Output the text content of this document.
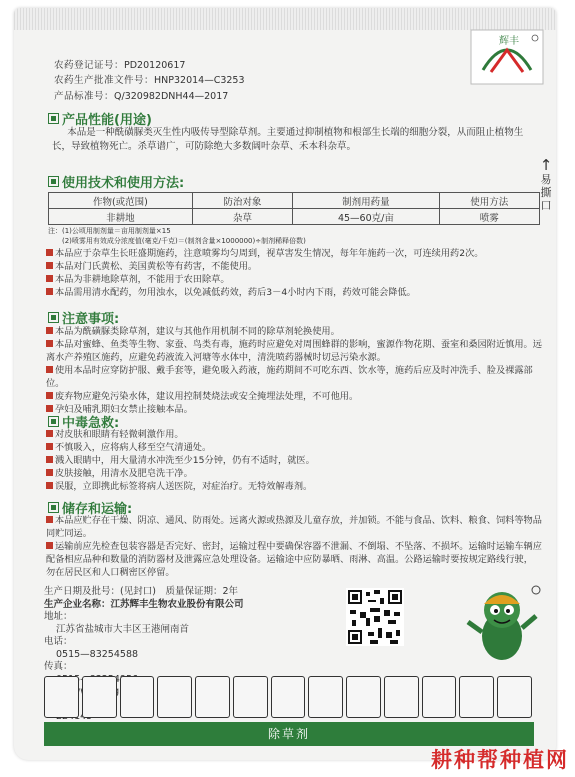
农药登记证号：PD20120617
农药生产批准文件号：HNP32014—C3253
产品标准号：Q/320982DNH44—2017
辉丰
产品性能(用途)
本品是一种酰磺脲类灭生性内吸传导型除草剂。主要通过抑制植物和根部生长端的细胞分裂，从而阻止植物生长，导致植物死亡。杀草谱广，可防除绝大多数阔叶杂草、禾本科杂草。
使用技术和使用方法:
作物(或范围)	防治对象	制剂用药量	使用方法
非耕地	杂草	45—60克/亩	喷雾
注：(1)公顷用制剂量＝亩用制剂量×15
(2)喷雾用有效成分浓度值(毫克/千克)＝(制剂含量×1000000)÷制剂稀释倍数)
本品应于杂草生长旺盛期施药，注意喷雾均匀周到，视草害发生情况，每年年施药一次，可连续用药2次。
本品对门氏黄松、美国黄松等有药害，不能使用。
本品为非耕地除草剂，不能用于农田除草。
本品需用清水配药，勿用浊水，以免减低药效，药后3－4小时内下雨，药效可能会降低。
注意事项:
本品为酰磺脲类除草剂，建议与其他作用机制不同的除草剂轮换使用。
本品对蜜蜂、鱼类等生物、家蚕、鸟类有毒，施药时应避免对周围蜂群的影响，蜜源作物花期、蚕室和桑园附近慎用。远离水产养殖区施药，应避免药液流入河塘等水体中，清洗喷药器械时切忌污染水源。
使用本品时应穿防护服、戴手套等，避免吸入药液，施药期间不可吃东西、饮水等，施药后应及时冲洗手、脸及裸露部位。
废弃物应避免污染水体，建议用控制焚烧法或安全掩埋法处理，不可他用。
孕妇及哺乳期妇女禁止接触本品。
中毒急救:
对皮肤和眼睛有轻微刺激作用。
不慎吸入，应将病人移至空气清通处。
溅入眼睛中，用大量清水冲洗至少15分钟，仍有不适时，就医。
皮肤接触，用清水及肥皂洗干净。
误服，立即携此标签将病人送医院，对症治疗。无特效解毒剂。
储存和运输:
本品应贮存在干燥、阴凉、通风、防雨处。远离火源或热源及儿童存放，并加锁。不能与食品、饮料、粮食、饲料等物品同贮同运。
运输前应先检查包装容器是否完好、密封，运输过程中要确保容器不泄漏、不倒塌、不坠落、不损坏。运输时运输车辆应配备相应品种和数量的消防器材及泄露应急处理设备。运输途中应防暴晒、雨淋、高温。公路运输时要按规定路线行驶，勿在居民区和人口稠密区停留。
生产日期及批号：(见封口)　 质量保证期：2年
生产企业名称：江苏辉丰生物农业股份有限公司
地址：
江苏省盐城市大丰区王港闸南首
电话：
0515—83254588
传真：
↑
易
撕
口
除草剂
耕种帮种植网
